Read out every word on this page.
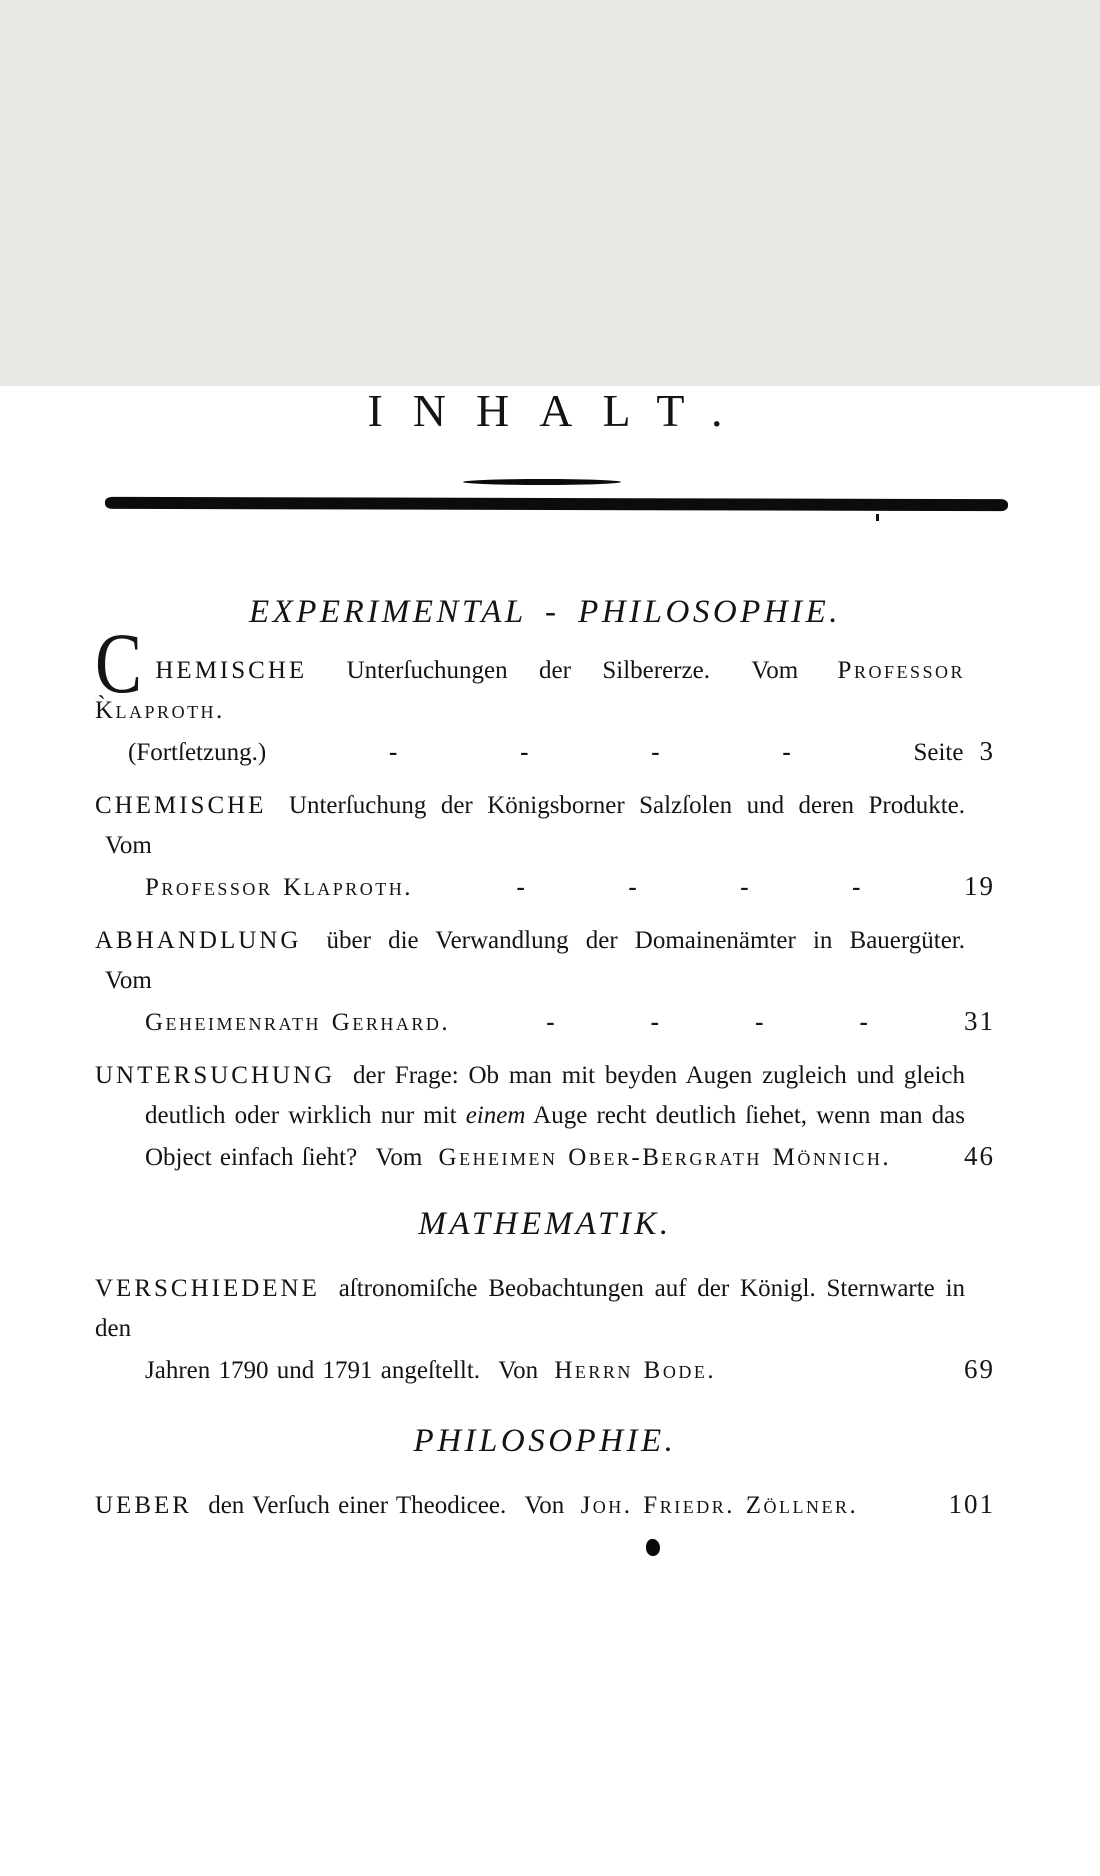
INHALT.
EXPERIMENTAL - PHILOSOPHIE.
CHEMISCHE Unterſuchungen der Silbererze. Vom Professor K̀laproth.
(Fortſetzung.)	-	-	-	-	Seite 3
CHEMISCHE Unterſuchung der Königsborner Salzſolen und deren Produkte. Vom
Professor Klaproth.	-	-	-	-	19
ABHANDLUNG über die Verwandlung der Domainenämter in Bauergüter. Vom
Geheimenrath Gerhard.	-	-	-	-	31
UNTERSUCHUNG der Frage: Ob man mit beyden Augen zugleich und gleich
deutlich oder wirklich nur mit einem Auge recht deutlich ſiehet, wenn man das
Object einfach ſieht? Vom Geheimen Ober-Bergrath Mönnich.	46
MATHEMATIK.
VERSCHIEDENE aſtronomiſche Beobachtungen auf der Königl. Sternwarte in den
Jahren 1790 und 1791 angeſtellt. Von Herrn Bode.	69
PHILOSOPHIE.
UEBER den Verſuch einer Theodicee. Von Joh. Friedr. Zöllner.	101
